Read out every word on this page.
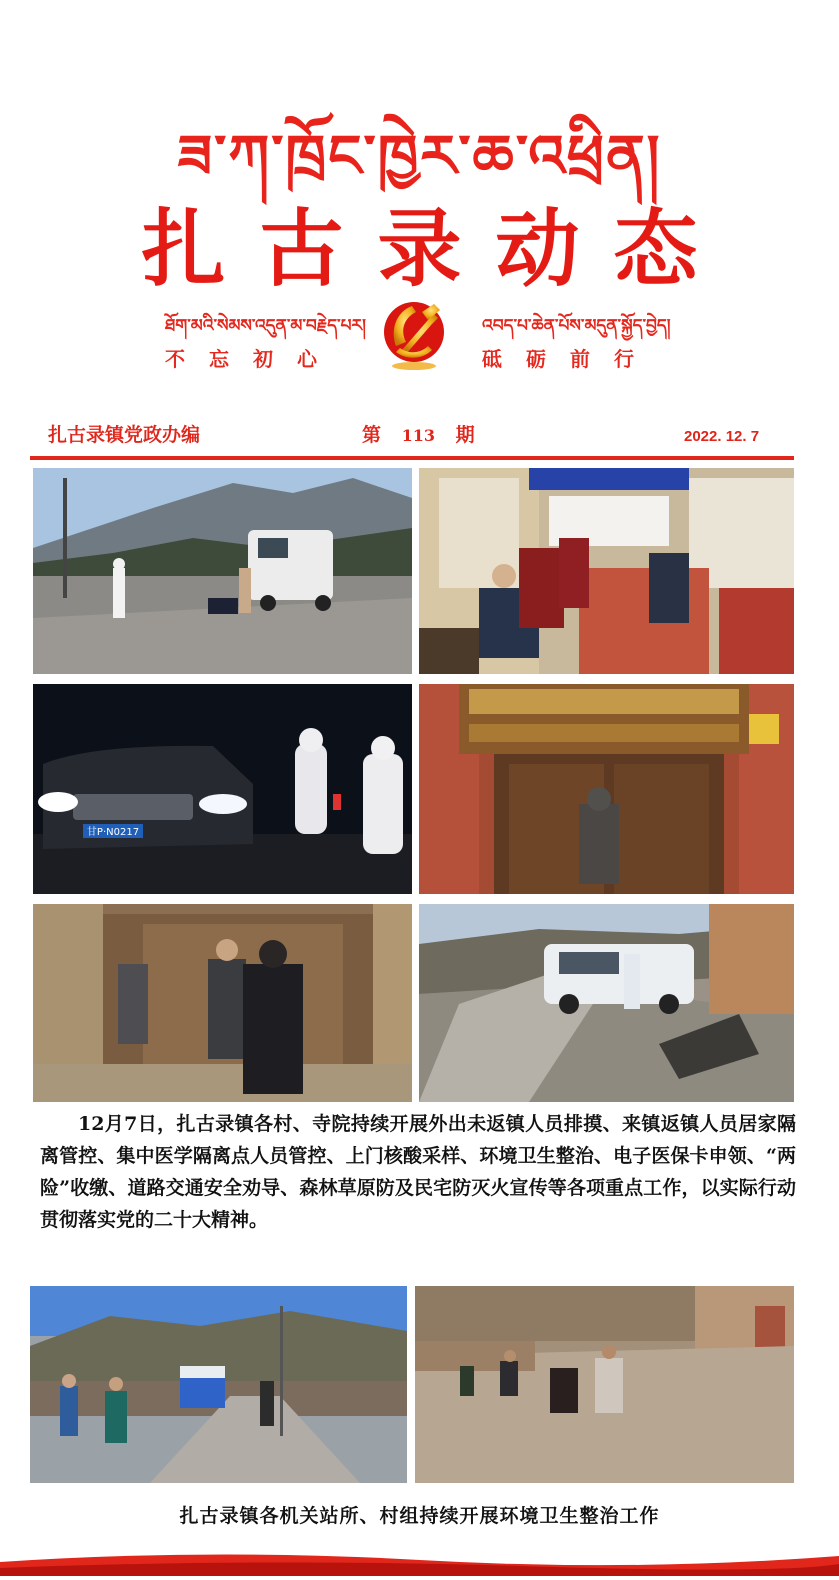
ཟ་ཀ་ཁྲོང་ཁྱེར་ཆ་འཕྲིན།
扎古录动态
ཐོག་མའི་སེམས་འདུན་མ་བརྗེད་པར།
不忘初心
འབད་པ་ཆེན་པོས་མདུན་སྐྱོད་བྱེད།
砥砺前行
扎古录镇党政办编	第 113 期	2022. 12. 7
甘P·N0217
12月7日，扎古录镇各村、寺院持续开展外出未返镇人员排摸、来镇返镇人员居家隔离管控、集中医学隔离点人员管控、上门核酸采样、环境卫生整治、电子医保卡申领、“两险”收缴、道路交通安全劝导、森林草原防及民宅防灭火宣传等各项重点工作，以实际行动贯彻落实党的二十大精神。
扎古录镇各机关站所、村组持续开展环境卫生整治工作
